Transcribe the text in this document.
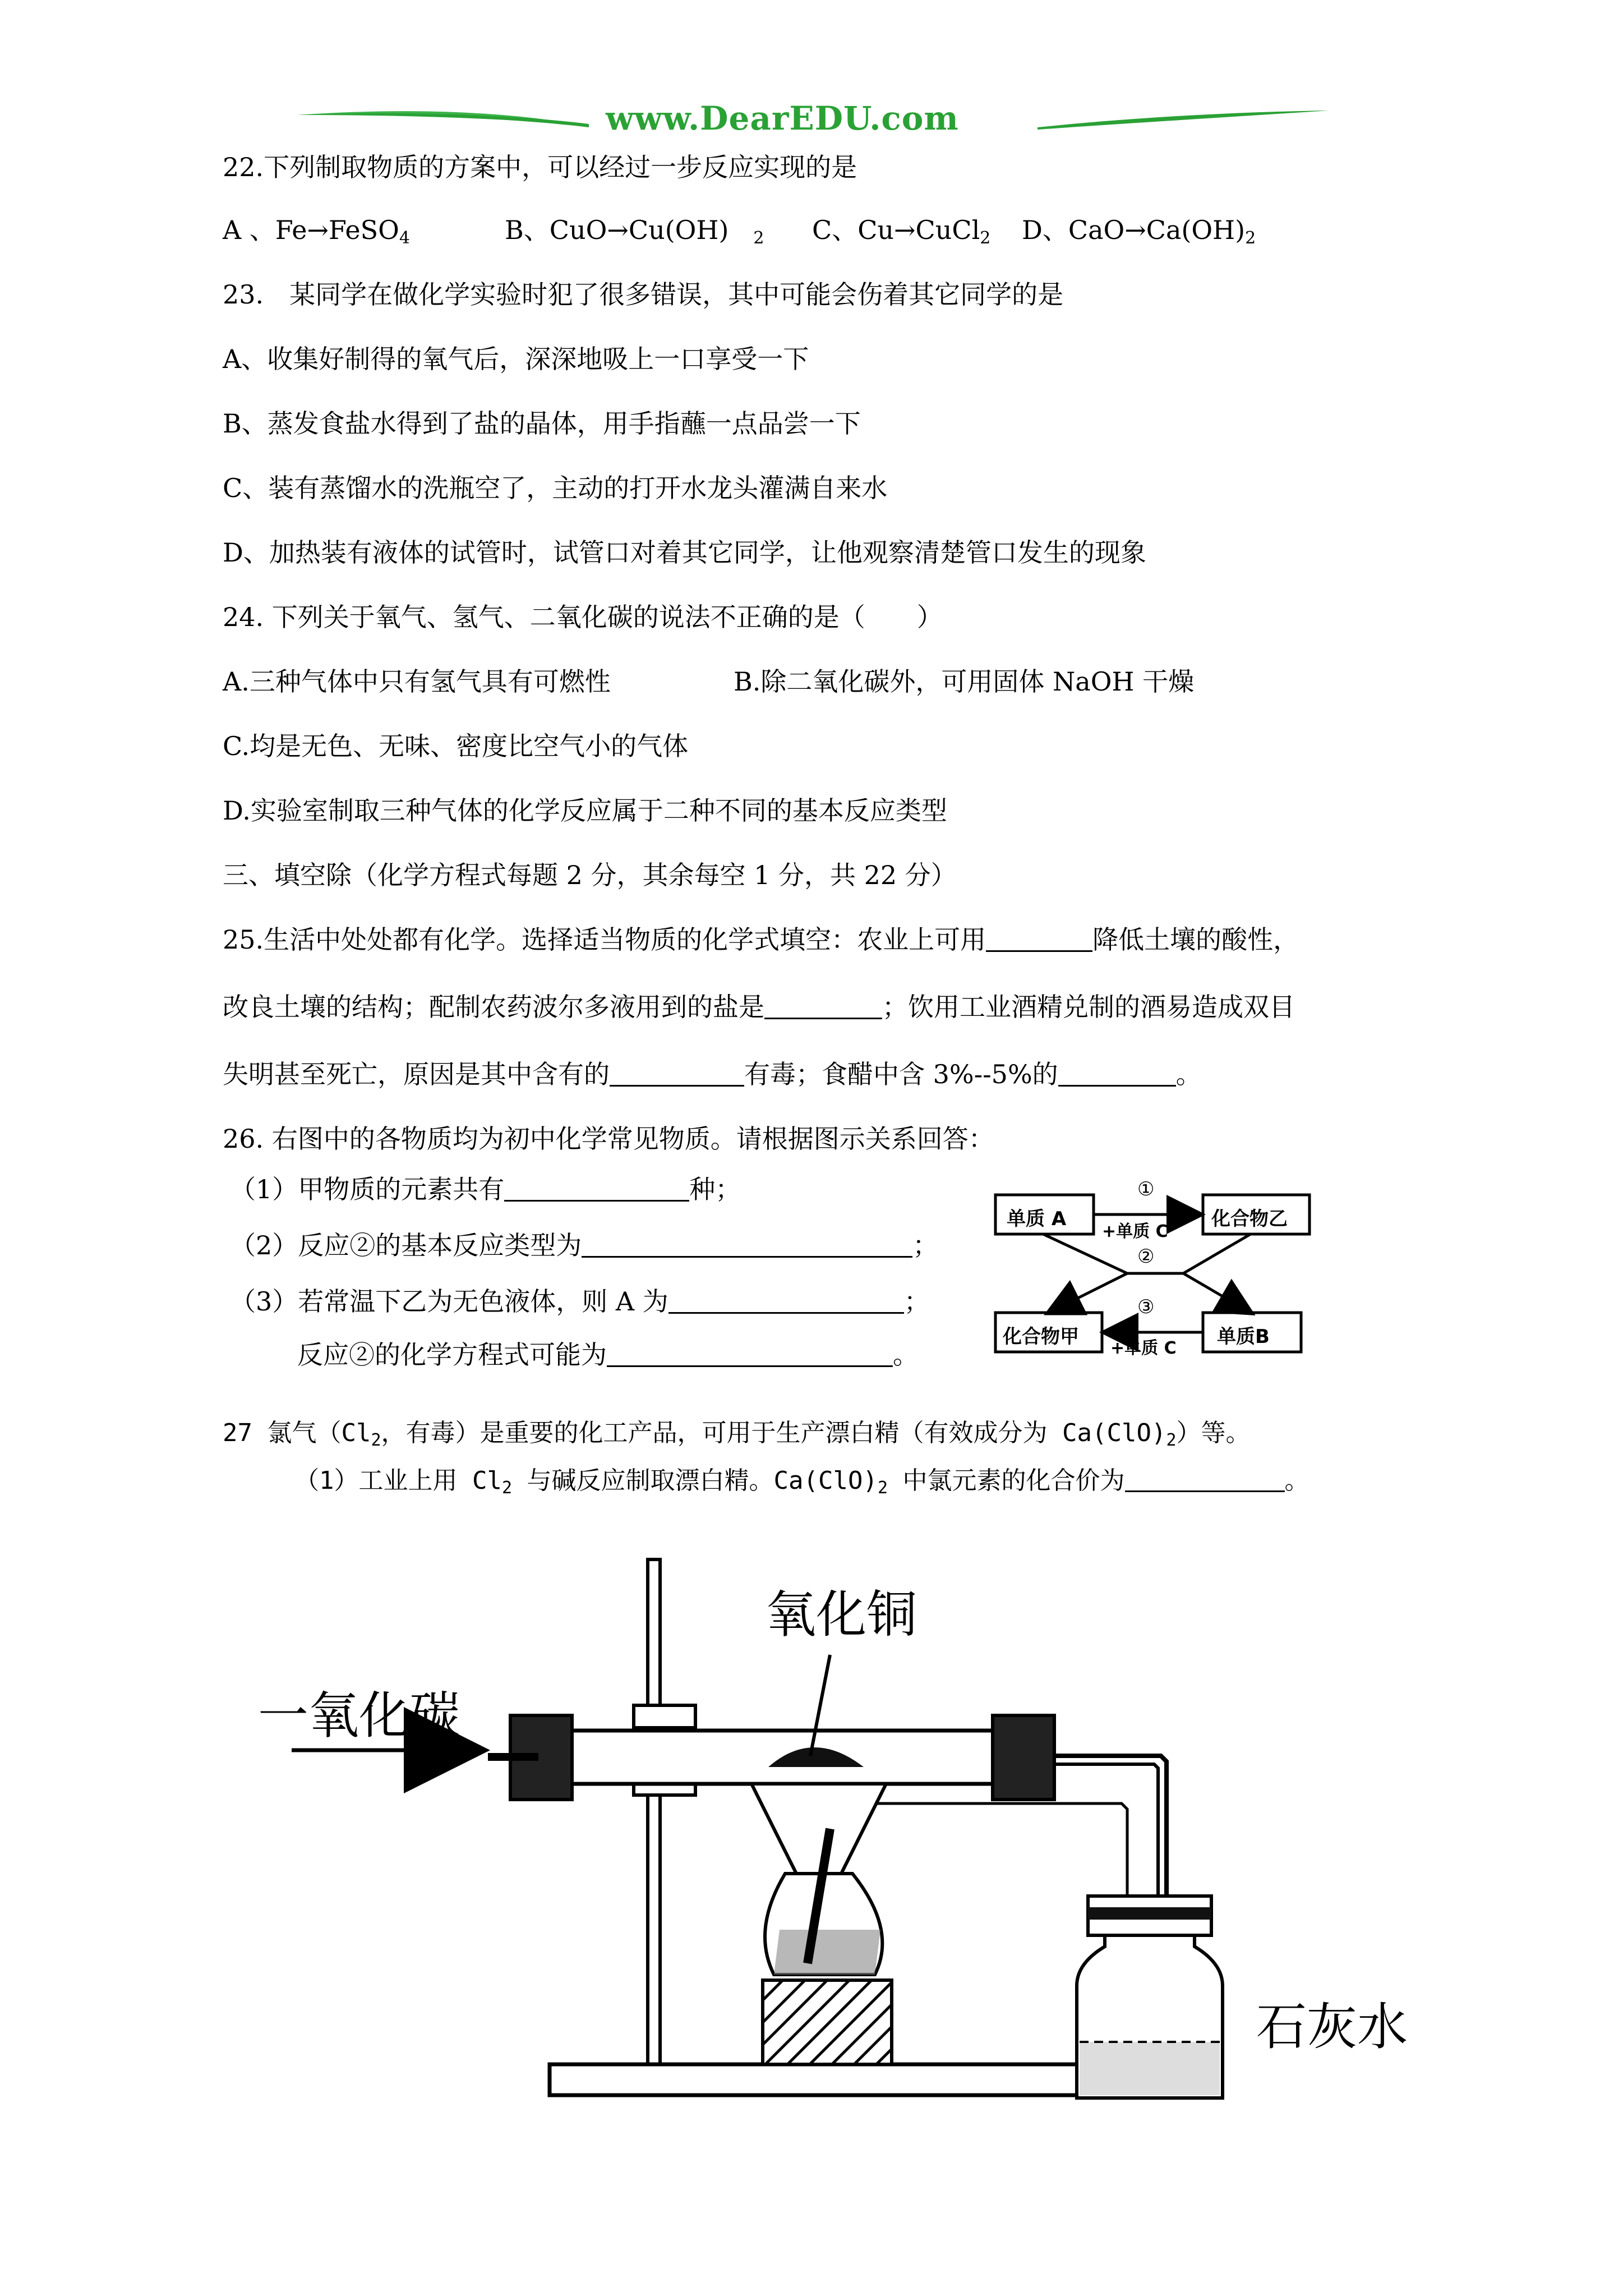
www.DearEDU.com
22.下列制取物质的方案中，可以经过一步反应实现的是
A 、Fe→FeSO$_4$	B、CuO→Cu(OH) $_2$ C、Cu→CuCl$_2$ D、$CaO\to Ca(OH)_2$
23.　某同学在做化学实验时犯了很多错误，其中可能会伤着其它同学的是
A、收集好制得的氧气后，深深地吸上一口享受一下
B、蒸发食盐水得到了盐的晶体，用手指蘸一点品尝一下
C、装有蒸馏水的洗瓶空了，主动的打开水龙头灌满自来水
D、加热装有液体的试管时，试管口对着其它同学，让他观察清楚管口发生的现象
24. 下列关于氧气、氢气、二氧化碳的说法不正确的是（　　）
A.三种气体中只有氢气具有可燃性	B.除二氧化碳外，可用固体 NaOH 干燥
C.均是无色、无味、密度比空气小的气体
D.实验室制取三种气体的化学反应属于二种不同的基本反应类型
三、填空除（化学方程式每题 2 分，其余每空 1 分，共 22 分）
25.生活中处处都有化学。选择适当物质的化学式填空：农业上可用	降低土壤的酸性，
改良土壤的结构；配制农药波尔多液用到的盐是	；饮用工业酒精兑制的酒易造成双目
失明甚至死亡，原因是其中含有的	有毒；食醋中含 3%--5%的	。
26. 右图中的各物质均为初中化学常见物质。请根据图示关系回答：
（1）甲物质的元素共有	种；
（2）反应②的基本反应类型为	；
（3）若常温下乙为无色液体，则 A 为	；
反应②的化学方程式可能为	。
单质 A	化合物乙
化合物甲	单质B
①
+单质 C
②
③
+单质 C
27 氯气（$Cl_2$，有毒）是重要的化工产品，可用于生产漂白精（有效成分为 $Ca(ClO)_2$）等。
（1）工业上用 $Cl_2$ 与碱反应制取漂白精。$Ca(ClO)_2$ 中氯元素的化合价为	。
一氧化碳
氧化铜
石灰水
